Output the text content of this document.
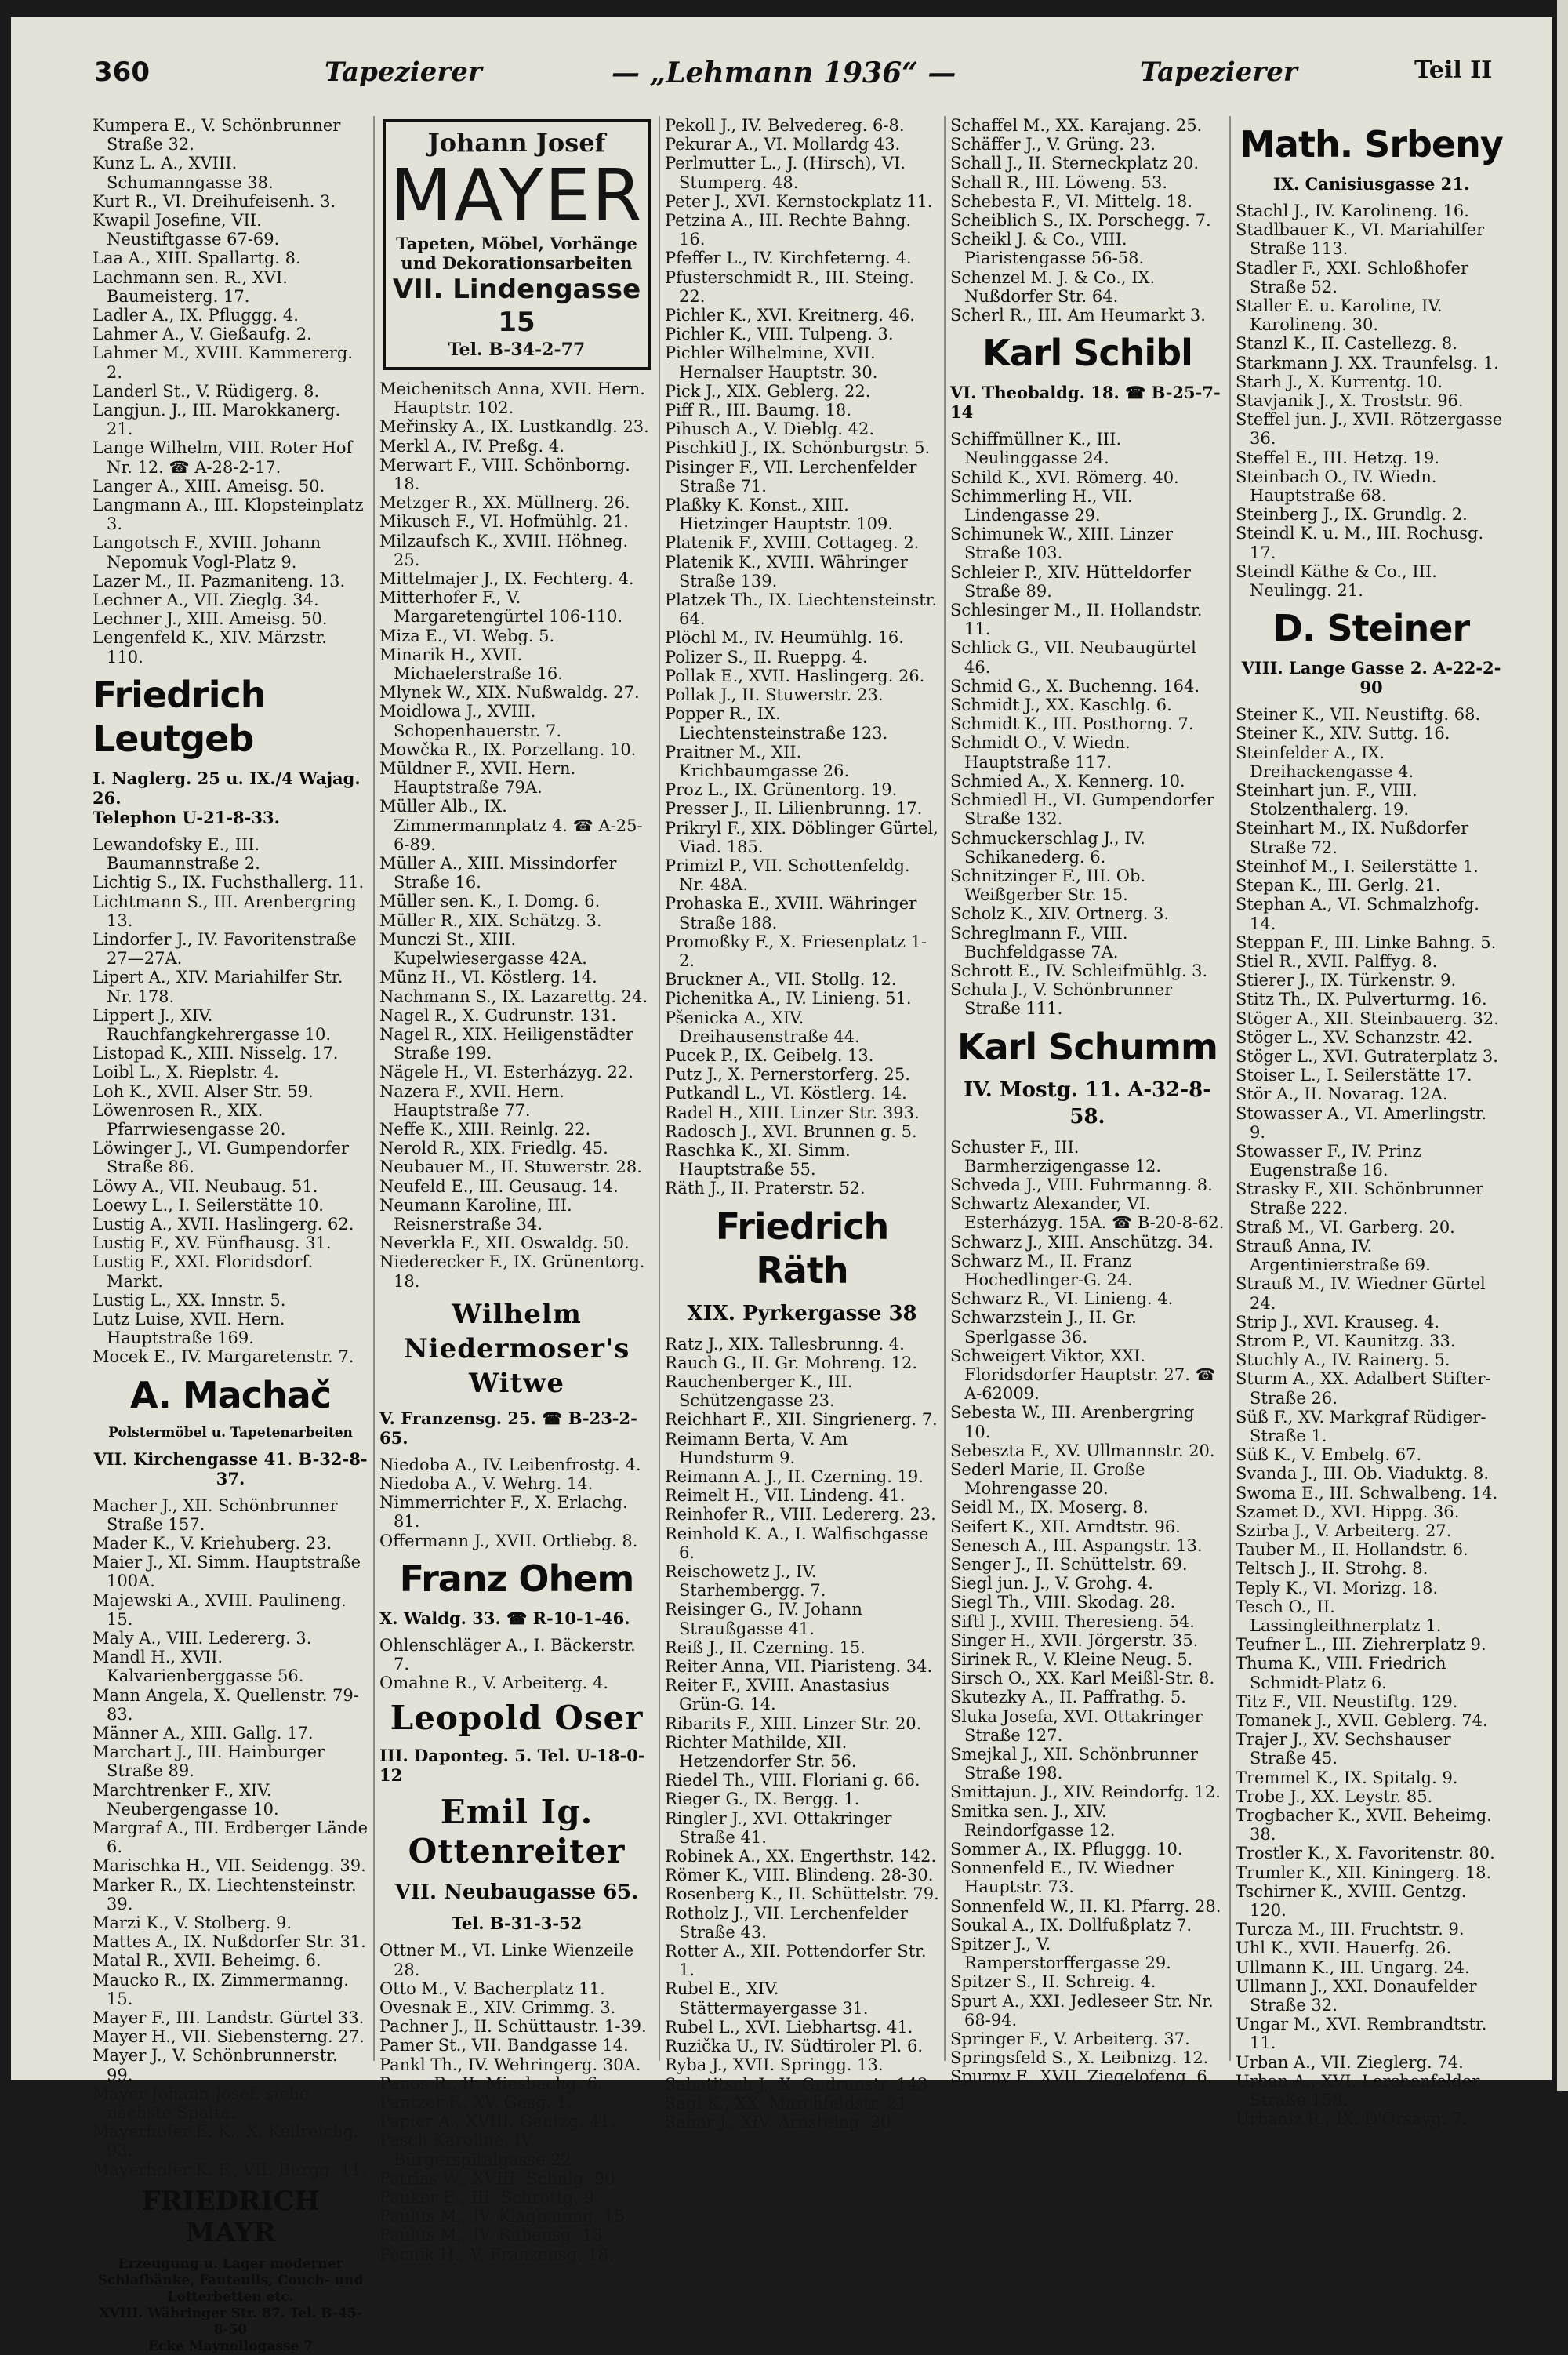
360	Tapezierer	— „Lehmann 1936“ —	Tapezierer	Teil II
Kumpera E., V. Schönbrunner Straße 32.
Kunz L. A., XVIII. Schumanngasse 38.
Kurt R., VI. Dreihufeisenh. 3.
Kwapil Josefine, VII. Neustiftgasse 67-69.
Laa A., XIII. Spallartg. 8.
Lachmann sen. R., XVI. Baumeisterg. 17.
Ladler A., IX. Pfluggg. 4.
Lahmer A., V. Gießaufg. 2.
Lahmer M., XVIII. Kammererg. 2.
Landerl St., V. Rüdigerg. 8.
Langjun. J., III. Marokkanerg. 21.
Lange Wilhelm, VIII. Roter Hof Nr. 12. ☎ A-28-2-17.
Langer A., XIII. Ameisg. 50.
Langmann A., III. Klopsteinplatz 3.
Langotsch F., XVIII. Johann Nepomuk Vogl-Platz 9.
Lazer M., II. Pazmaniteng. 13.
Lechner A., VII. Zieglg. 34.
Lechner J., XIII. Ameisg. 50.
Lengenfeld K., XIV. Märzstr. 110.
Friedrich Leutgeb
I. Naglerg. 25 u. IX./4 Wajag. 26.
Telephon U-21-8-33.
Lewandofsky E., III. Baumannstraße 2.
Lichtig S., IX. Fuchsthallerg. 11.
Lichtmann S., III. Arenbergring 13.
Lindorfer J., IV. Favoritenstraße 27—27A.
Lipert A., XIV. Mariahilfer Str. Nr. 178.
Lippert J., XIV. Rauchfangkehrergasse 10.
Listopad K., XIII. Nisselg. 17.
Loibl L., X. Rieplstr. 4.
Loh K., XVII. Alser Str. 59.
Löwenrosen R., XIX. Pfarrwiesengasse 20.
Löwinger J., VI. Gumpendorfer Straße 86.
Löwy A., VII. Neubaug. 51.
Loewy L., I. Seilerstätte 10.
Lustig A., XVII. Haslingerg. 62.
Lustig F., XV. Fünfhausg. 31.
Lustig F., XXI. Floridsdorf. Markt.
Lustig L., XX. Innstr. 5.
Lutz Luise, XVII. Hern. Hauptstraße 169.
Mocek E., IV. Margaretenstr. 7.
A. Machač
Polstermöbel u. Tapetenarbeiten
VII. Kirchengasse 41. B-32-8-37.
Macher J., XII. Schönbrunner Straße 157.
Mader K., V. Kriehuberg. 23.
Maier J., XI. Simm. Hauptstraße 100A.
Majewski A., XVIII. Paulineng. 15.
Maly A., VIII. Ledererg. 3.
Mandl H., XVII. Kalvarienberggasse 56.
Mann Angela, X. Quellenstr. 79-83.
Männer A., XIII. Gallg. 17.
Marchart J., III. Hainburger Straße 89.
Marchtrenker F., XIV. Neubergengasse 10.
Margraf A., III. Erdberger Lände 6.
Marischka H., VII. Seidengg. 39.
Marker R., IX. Liechtensteinstr. 39.
Marzi K., V. Stolberg. 9.
Mattes A., IX. Nußdorfer Str. 31.
Matal R., XVII. Beheimg. 6.
Maucko R., IX. Zimmermanng. 15.
Mayer F., III. Landstr. Gürtel 33.
Mayer H., VII. Siebensterng. 27.
Mayer J., V. Schönbrunnerstr. 99.
Mayer Johann Josef, siehe nächste Spalte.
Mayerhofer E. K., X. Keilreichg. 93.
Mayerhofer K. F., VII. Burgg. 11.
FRIEDRICH
MAYR
Erzeugung u. Lager moderner Schlafbänke, Fauteuils, Couch- und Lotterbetten etc.
XVIII. Währinger Str. 87. Tel. B-45-8-50
Ecke Maynollogasse 7
Johann Josef
MAYER
Tapeten, Möbel, Vorhänge und Dekorationsarbeiten
VII. Lindengasse 15
Tel. B-34-2-77
Meichenitsch Anna, XVII. Hern. Hauptstr. 102.
Meřinsky A., IX. Lustkandlg. 23.
Merkl A., IV. Preßg. 4.
Merwart F., VIII. Schönborng. 18.
Metzger R., XX. Müllnerg. 26.
Mikusch F., VI. Hofmühlg. 21.
Milzaufsch K., XVIII. Höhneg. 25.
Mittelmajer J., IX. Fechterg. 4.
Mitterhofer F., V. Margaretengürtel 106-110.
Miza E., VI. Webg. 5.
Minarik H., XVII. Michaelerstraße 16.
Mlynek W., XIX. Nußwaldg. 27.
Moidlowa J., XVIII. Schopenhauerstr. 7.
Mowčka R., IX. Porzellang. 10.
Müldner F., XVII. Hern. Hauptstraße 79A.
Müller Alb., IX. Zimmermannplatz 4. ☎ A-25-6-89.
Müller A., XIII. Missindorfer Straße 16.
Müller sen. K., I. Domg. 6.
Müller R., XIX. Schätzg. 3.
Munczi St., XIII. Kupelwiesergasse 42A.
Münz H., VI. Köstlerg. 14.
Nachmann S., IX. Lazarettg. 24.
Nagel R., X. Gudrunstr. 131.
Nagel R., XIX. Heiligenstädter Straße 199.
Nägele H., VI. Esterházyg. 22.
Nazera F., XVII. Hern. Hauptstraße 77.
Neffe K., XIII. Reinlg. 22.
Nerold R., XIX. Friedlg. 45.
Neubauer M., II. Stuwerstr. 28.
Neufeld E., III. Geusaug. 14.
Neumann Karoline, III. Reisnerstraße 34.
Neverkla F., XII. Oswaldg. 50.
Niederecker F., IX. Grünentorg. 18.
Wilhelm Niedermoser's Witwe
V. Franzensg. 25. ☎ B-23-2-65.
Niedoba A., IV. Leibenfrostg. 4.
Niedoba A., V. Wehrg. 14.
Nimmerrichter F., X. Erlachg. 81.
Offermann J., XVII. Ortliebg. 8.
Franz Ohem
X. Waldg. 33. ☎ R-10-1-46.
Ohlenschläger A., I. Bäckerstr. 7.
Omahne R., V. Arbeiterg. 4.
Leopold Oser
III. Daponteg. 5. Tel. U-18-0-12
Emil Ig. Ottenreiter
VII. Neubaugasse 65.
Tel. B-31-3-52
Ottner M., VI. Linke Wienzeile 28.
Otto M., V. Bacherplatz 11.
Ovesnak E., XIV. Grimmg. 3.
Pachner J., II. Schüttaustr. 1-39.
Pamer St., VII. Bandgasse 14.
Pankl Th., IV. Wehringerg. 30A.
Panos R., II. Miesbachg. 6.
Pantzer F., XV. Gasg. 1.
Papier A., XVIII. Gentzg. 41.
Pasch Karoline, IV. Bürgerspitalgasse 22.
Patrias W., XVIII. Schulg. 90.
Pauker E., III. Schrottg. 9.
Paulus M., IV. Klagbaumg. 15.
Paulus M., IV. Rubensg. 13.
Pecnik H., V. Franzensg. 18.
Pekoll J., IV. Belvedereg. 6-8.
Pekurar A., VI. Mollardg 43.
Perlmutter L., J. (Hirsch), VI. Stumperg. 48.
Peter J., XVI. Kernstockplatz 11.
Petzina A., III. Rechte Bahng. 16.
Pfeffer L., IV. Kirchfeterng. 4.
Pfusterschmidt R., III. Steing. 22.
Pichler K., XVI. Kreitnerg. 46.
Pichler K., VIII. Tulpeng. 3.
Pichler Wilhelmine, XVII. Hernalser Hauptstr. 30.
Pick J., XIX. Geblerg. 22.
Piff R., III. Baumg. 18.
Pihusch A., V. Dieblg. 42.
Pischkitl J., IX. Schönburgstr. 5.
Pisinger F., VII. Lerchenfelder Straße 71.
Plaßky K. Konst., XIII. Hietzinger Hauptstr. 109.
Platenik F., XVIII. Cottageg. 2.
Platenik K., XVIII. Währinger Straße 139.
Platzek Th., IX. Liechtensteinstr. 64.
Plöchl M., IV. Heumühlg. 16.
Polizer S., II. Rueppg. 4.
Pollak E., XVII. Haslingerg. 26.
Pollak J., II. Stuwerstr. 23.
Popper R., IX. Liechtensteinstraße 123.
Praitner M., XII. Krichbaumgasse 26.
Proz L., IX. Grünentorg. 19.
Presser J., II. Lilienbrunng. 17.
Prikryl F., XIX. Döblinger Gürtel, Viad. 185.
Primizl P., VII. Schottenfeldg. Nr. 48A.
Prohaska E., XVIII. Währinger Straße 188.
Promoßky F., X. Friesenplatz 1-2.
Bruckner A., VII. Stollg. 12.
Pichenitka A., IV. Linieng. 51.
Pšenicka A., XIV. Dreihausenstraße 44.
Pucek P., IX. Geibelg. 13.
Putz J., X. Pernerstorferg. 25.
Putkandl L., VI. Köstlerg. 14.
Radel H., XIII. Linzer Str. 393.
Radosch J., XVI. Brunnen g. 5.
Raschka K., XI. Simm. Hauptstraße 55.
Räth J., II. Praterstr. 52.
Friedrich Räth
XIX. Pyrkergasse 38
Ratz J., XIX. Tallesbrunng. 4.
Rauch G., II. Gr. Mohreng. 12.
Rauchenberger K., III. Schützengasse 23.
Reichhart F., XII. Singrienerg. 7.
Reimann Berta, V. Am Hundsturm 9.
Reimann A. J., II. Czerning. 19.
Reimelt H., VII. Lindeng. 41.
Reinhofer R., VIII. Ledererg. 23.
Reinhold K. A., I. Walfischgasse 6.
Reischowetz J., IV. Starhembergg. 7.
Reisinger G., IV. Johann Straußgasse 41.
Reiß J., II. Czerning. 15.
Reiter Anna, VII. Piaristeng. 34.
Reiter F., XVIII. Anastasius Grün-G. 14.
Ribarits F., XIII. Linzer Str. 20.
Richter Mathilde, XII. Hetzendorfer Str. 56.
Riedel Th., VIII. Floriani g. 66.
Rieger G., IX. Bergg. 1.
Ringler J., XVI. Ottakringer Straße 41.
Robinek A., XX. Engerthstr. 142.
Römer K., VIII. Blindeng. 28-30.
Rosenberg K., II. Schüttelstr. 79.
Rotholz J., VII. Lerchenfelder Straße 43.
Rotter A., XII. Pottendorfer Str. 1.
Rubel E., XIV. Stättermayergasse 31.
Rubel L., XVI. Liebhartsg. 41.
Ruzička U., IV. Südtiroler Pl. 6.
Ryba J., XVII. Springg. 13.
Sabatitsch J., X. Gudrunstr. 143.
Sagl K., XX. Marchfeldstr. 21.
Sahar J., XIV. Arnsteing. 20.
Schaffel M., XX. Karajang. 25.
Schäffer J., V. Grüng. 23.
Schall J., II. Sterneckplatz 20.
Schall R., III. Löweng. 53.
Schebesta F., VI. Mittelg. 18.
Scheiblich S., IX. Porschegg. 7.
Scheikl J. & Co., VIII. Piaristengasse 56-58.
Schenzel M. J. & Co., IX. Nußdorfer Str. 64.
Scherl R., III. Am Heumarkt 3.
Karl Schibl
VI. Theobaldg. 18. ☎ B-25-7-14
Schiffmüllner K., III. Neulinggasse 24.
Schild K., XVI. Römerg. 40.
Schimmerling H., VII. Lindengasse 29.
Schimunek W., XIII. Linzer Straße 103.
Schleier P., XIV. Hütteldorfer Straße 89.
Schlesinger M., II. Hollandstr. 11.
Schlick G., VII. Neubaugürtel 46.
Schmid G., X. Buchenng. 164.
Schmidt J., XX. Kaschlg. 6.
Schmidt K., III. Posthorng. 7.
Schmidt O., V. Wiedn. Hauptstraße 117.
Schmied A., X. Kennerg. 10.
Schmiedl H., VI. Gumpendorfer Straße 132.
Schmuckerschlag J., IV. Schikanederg. 6.
Schnitzinger F., III. Ob. Weißgerber Str. 15.
Scholz K., XIV. Ortnerg. 3.
Schreglmann F., VIII. Buchfeldgasse 7A.
Schrott E., IV. Schleifmühlg. 3.
Schula J., V. Schönbrunner Straße 111.
Karl Schumm
IV. Mostg. 11. A-32-8-58.
Schuster F., III. Barmherzigengasse 12.
Schveda J., VIII. Fuhrmanng. 8.
Schwartz Alexander, VI. Esterházyg. 15A. ☎ B-20-8-62.
Schwarz J., XIII. Anschützg. 34.
Schwarz M., II. Franz Hochedlinger-G. 24.
Schwarz R., VI. Linieng. 4.
Schwarzstein J., II. Gr. Sperlgasse 36.
Schweigert Viktor, XXI. Floridsdorfer Hauptstr. 27. ☎ A-62009.
Sebesta W., III. Arenbergring 10.
Sebeszta F., XV. Ullmannstr. 20.
Sederl Marie, II. Große Mohrengasse 20.
Seidl M., IX. Moserg. 8.
Seifert K., XII. Arndtstr. 96.
Senesch A., III. Aspangstr. 13.
Senger J., II. Schüttelstr. 69.
Siegl jun. J., V. Grohg. 4.
Siegl Th., VIII. Skodag. 28.
Siftl J., XVIII. Theresieng. 54.
Singer H., XVII. Jörgerstr. 35.
Sirinek R., V. Kleine Neug. 5.
Sirsch O., XX. Karl Meißl-Str. 8.
Skutezky A., II. Paffrathg. 5.
Sluka Josefa, XVI. Ottakringer Straße 127.
Smejkal J., XII. Schönbrunner Straße 198.
Smittajun. J., XIV. Reindorfg. 12.
Smitka sen. J., XIV. Reindorfgasse 12.
Sommer A., IX. Pfluggg. 10.
Sonnenfeld E., IV. Wiedner Hauptstr. 73.
Sonnenfeld W., II. Kl. Pfarrg. 28.
Soukal A., IX. Dollfußplatz 7.
Spitzer J., V. Ramperstorffergasse 29.
Spitzer S., II. Schreig. 4.
Spurt A., XXI. Jedleseer Str. Nr. 68-94.
Springer F., V. Arbeiterg. 37.
Springsfeld S., X. Leibnizg. 12.
Spurny F., XVII. Ziegelofeng. 6.
Math. Srbeny
IX. Canisiusgasse 21.
Stachl J., IV. Karolineng. 16.
Stadlbauer K., VI. Mariahilfer Straße 113.
Stadler F., XXI. Schloßhofer Straße 52.
Staller E. u. Karoline, IV. Karolineng. 30.
Stanzl K., II. Castellezg. 8.
Starkmann J. XX. Traunfelsg. 1.
Starh J., X. Kurrentg. 10.
Stavjanik J., X. Troststr. 96.
Steffel jun. J., XVII. Rötzergasse 36.
Steffel E., III. Hetzg. 19.
Steinbach O., IV. Wiedn. Hauptstraße 68.
Steinberg J., IX. Grundlg. 2.
Steindl K. u. M., III. Rochusg. 17.
Steindl Käthe & Co., III. Neulingg. 21.
D. Steiner
VIII. Lange Gasse 2. A-22-2-90
Steiner K., VII. Neustiftg. 68.
Steiner K., XIV. Suttg. 16.
Steinfelder A., IX. Dreihackengasse 4.
Steinhart jun. F., VIII. Stolzenthalerg. 19.
Steinhart M., IX. Nußdorfer Straße 72.
Steinhof M., I. Seilerstätte 1.
Stepan K., III. Gerlg. 21.
Stephan A., VI. Schmalzhofg. 14.
Steppan F., III. Linke Bahng. 5.
Stiel R., XVII. Palffyg. 8.
Stierer J., IX. Türkenstr. 9.
Stitz Th., IX. Pulverturmg. 16.
Stöger A., XII. Steinbauerg. 32.
Stöger L., XV. Schanzstr. 42.
Stöger L., XVI. Gutraterplatz 3.
Stoiser L., I. Seilerstätte 17.
Stör A., II. Novarag. 12A.
Stowasser A., VI. Amerlingstr. 9.
Stowasser F., IV. Prinz Eugenstraße 16.
Strasky F., XII. Schönbrunner Straße 222.
Straß M., VI. Garberg. 20.
Strauß Anna, IV. Argentinierstraße 69.
Strauß M., IV. Wiedner Gürtel 24.
Strip J., XVI. Krauseg. 4.
Strom P., VI. Kaunitzg. 33.
Stuchly A., IV. Rainerg. 5.
Sturm A., XX. Adalbert Stifter-Straße 26.
Süß F., XV. Markgraf Rüdiger-Straße 1.
Süß K., V. Embelg. 67.
Svanda J., III. Ob. Viaduktg. 8.
Swoma E., III. Schwalbeng. 14.
Szamet D., XVI. Hippg. 36.
Szirba J., V. Arbeiterg. 27.
Tauber M., II. Hollandstr. 6.
Teltsch J., II. Strohg. 8.
Teply K., VI. Morizg. 18.
Tesch O., II. Lassingleithnerplatz 1.
Teufner L., III. Ziehrerplatz 9.
Thuma K., VIII. Friedrich Schmidt-Platz 6.
Titz F., VII. Neustiftg. 129.
Tomanek J., XVII. Geblerg. 74.
Trajer J., XV. Sechshauser Straße 45.
Tremmel K., IX. Spitalg. 9.
Trobe J., XX. Leystr. 85.
Trogbacher K., XVII. Beheimg. 38.
Trostler K., X. Favoritenstr. 80.
Trumler K., XII. Kiningerg. 18.
Tschirner K., XVIII. Gentzg. 120.
Turcza M., III. Fruchtstr. 9.
Uhl K., XVII. Hauerfg. 26.
Ullmann K., III. Ungarg. 24.
Ullmann J., XXI. Donaufelder Straße 32.
Ungar M., XVI. Rembrandtstr. 11.
Urban A., VII. Zieglerg. 74.
Urban A., XVI. Lerchenfelder Straße 158.
Urbaniz R., IX. D'Orsayg. 7.
